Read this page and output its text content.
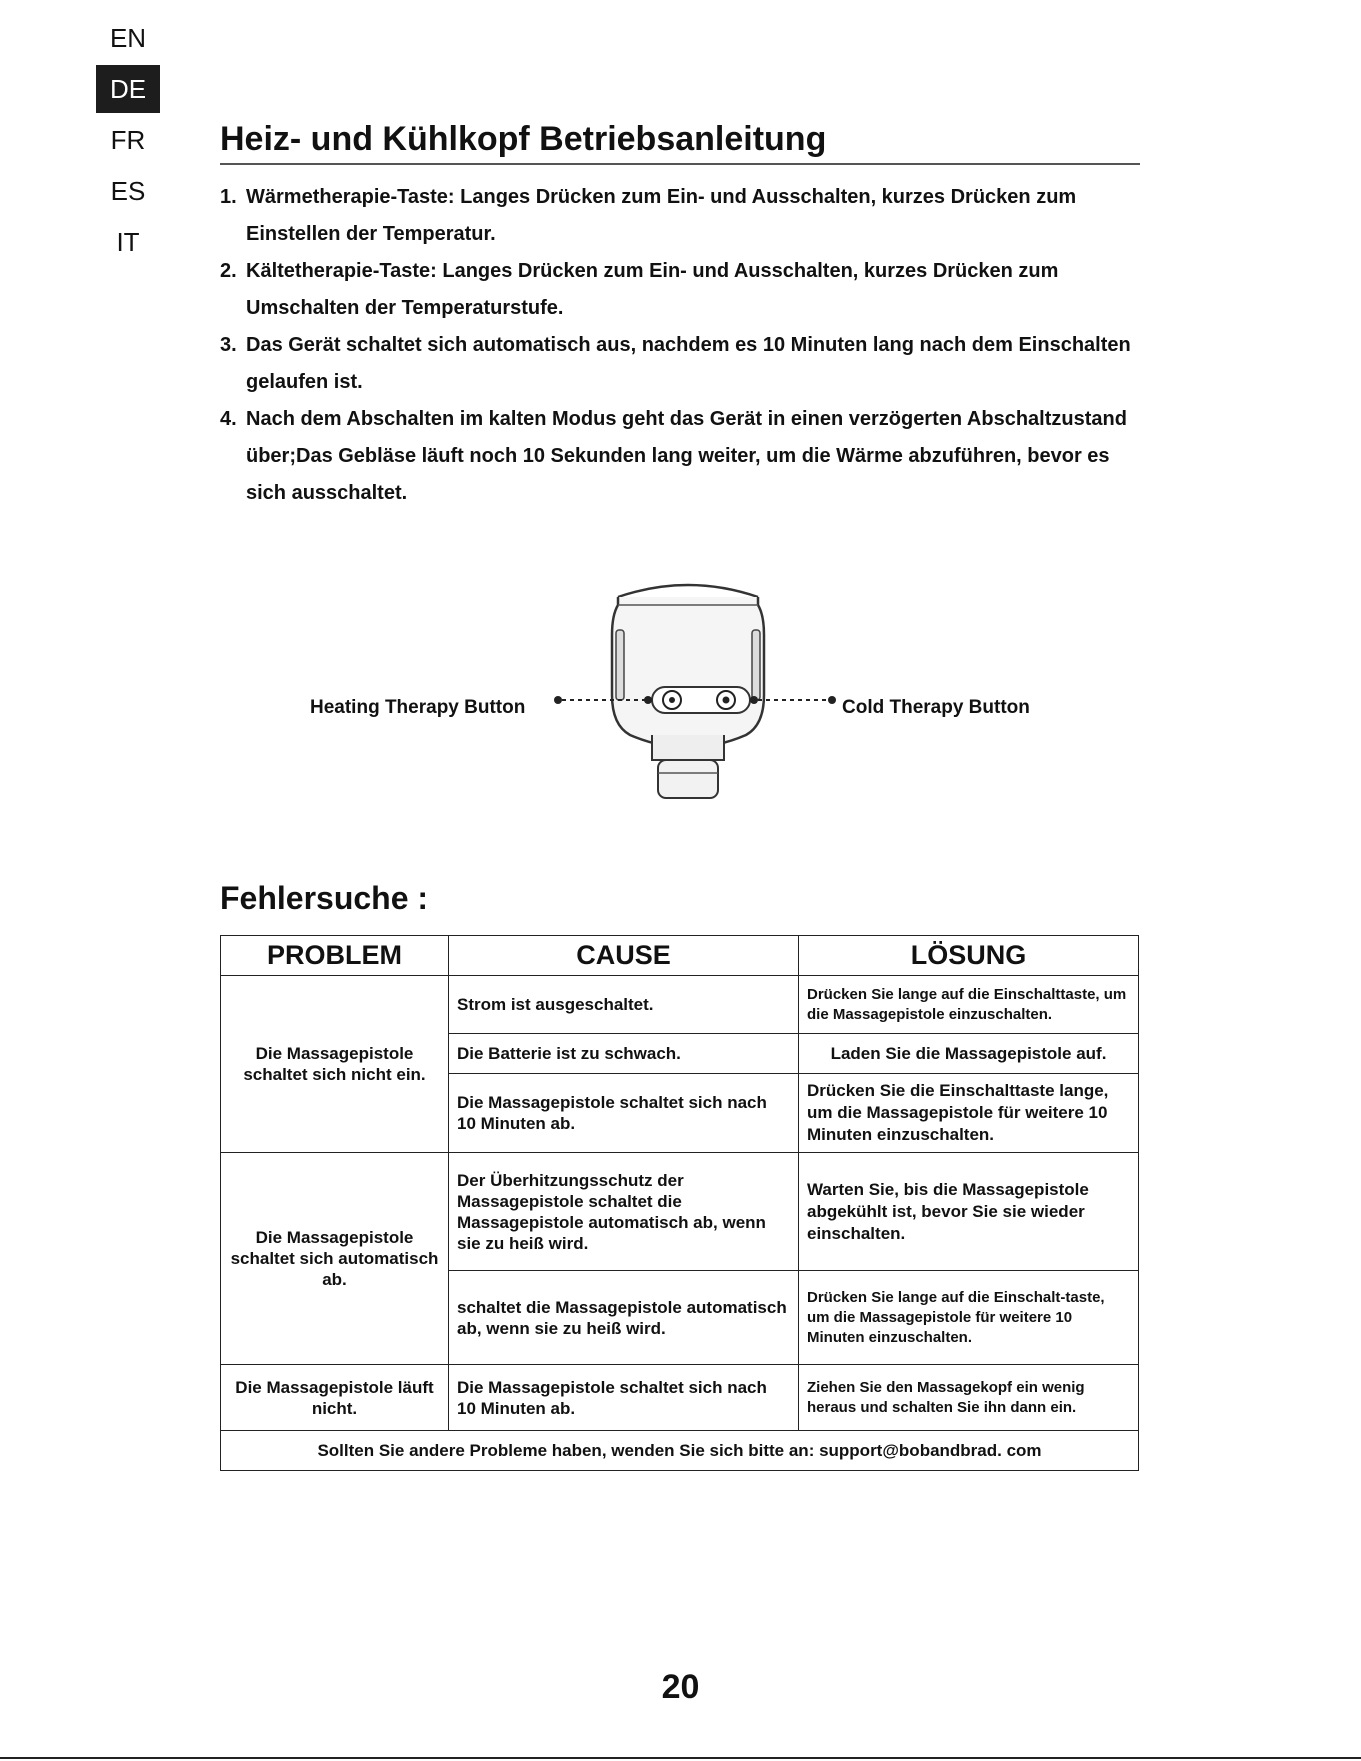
EN
DE
FR
ES
IT
Heiz- und Kühlkopf Betriebsanleitung
1. Wärmetherapie-Taste: Langes Drücken zum Ein- und Ausschalten, kurzes Drücken zum Einstellen der Temperatur.
2. Kältetherapie-Taste: Langes Drücken zum Ein- und Ausschalten, kurzes Drücken zum Umschalten der Temperaturstufe.
3. Das Gerät schaltet sich automatisch aus, nachdem es 10 Minuten lang nach dem Einschalten gelaufen ist.
4. Nach dem Abschalten im kalten Modus geht das Gerät in einen verzögerten Abschaltzustand über;Das Gebläse läuft noch 10 Sekunden lang weiter, um die Wärme abzuführen, bevor es sich ausschaltet.
Heating Therapy Button	Cold Therapy Button
Fehlersuche :
PROBLEM	CAUSE	LÖSUNG
Die Massagepistole schaltet sich nicht ein.	Strom ist ausgeschaltet.	Drücken Sie lange auf die Einschalttaste, um die Massagepistole einzuschalten.
	Die Batterie ist zu schwach.	Laden Sie die Massagepistole auf.
	Die Massagepistole schaltet sich nach 10 Minuten ab.	Drücken Sie die Einschalttaste lange, um die Massagepistole für weitere 10 Minuten einzuschalten.
Die Massagepistole schaltet sich automatisch ab.	Der Überhitzungsschutz der Massagepistole schaltet die Massagepistole automatisch ab, wenn sie zu heiß wird.	Warten Sie, bis die Massagepistole abgekühlt ist, bevor Sie sie wieder einschalten.
	schaltet die Massagepistole automatisch ab, wenn sie zu heiß wird.	Drücken Sie lange auf die Einschalt-taste, um die Massagepistole für weitere 10 Minuten einzuschalten.
Die Massagepistole läuft nicht.	Die Massagepistole schaltet sich nach 10 Minuten ab.	Ziehen Sie den Massagekopf ein wenig heraus und schalten Sie ihn dann ein.
Sollten Sie andere Probleme haben, wenden Sie sich bitte an: support@bobandbrad. com		
20
